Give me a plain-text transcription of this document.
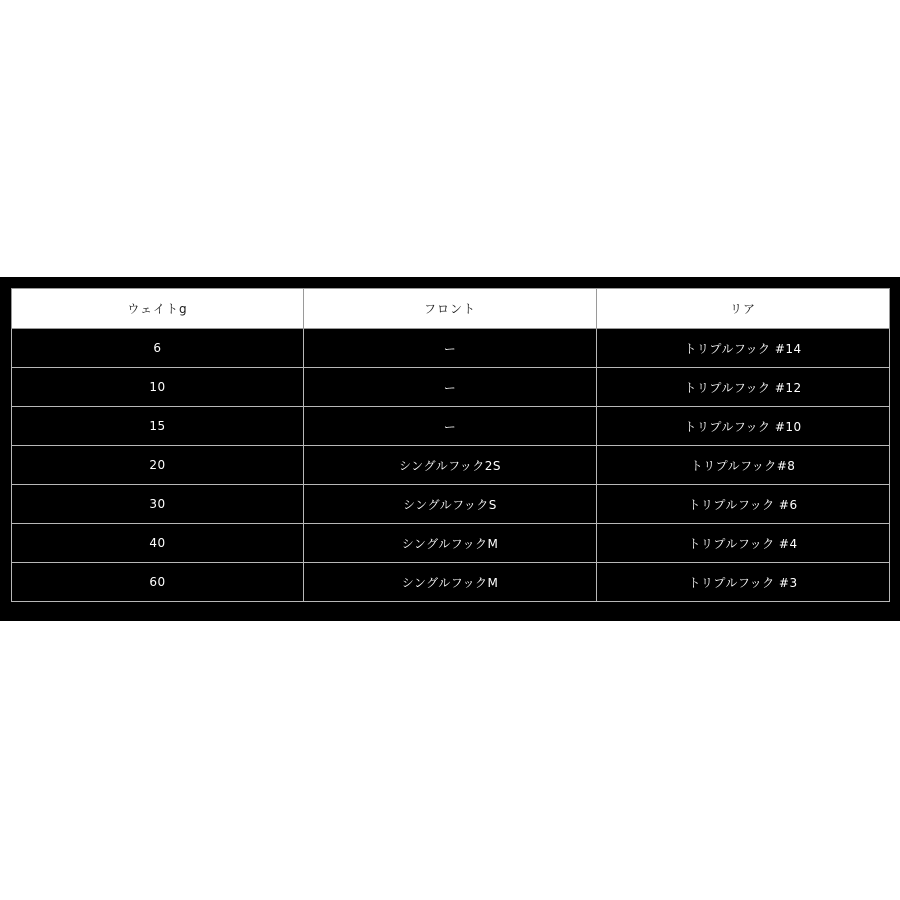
ウェイトg	フロント	リア
6	ー	トリプルフック #14
10	ー	トリプルフック #12
15	ー	トリプルフック #10
20	シングルフック2S	トリプルフック#8
30	シングルフックS	トリプルフック #6
40	シングルフックM	トリプルフック #4
60	シングルフックM	トリプルフック #3
